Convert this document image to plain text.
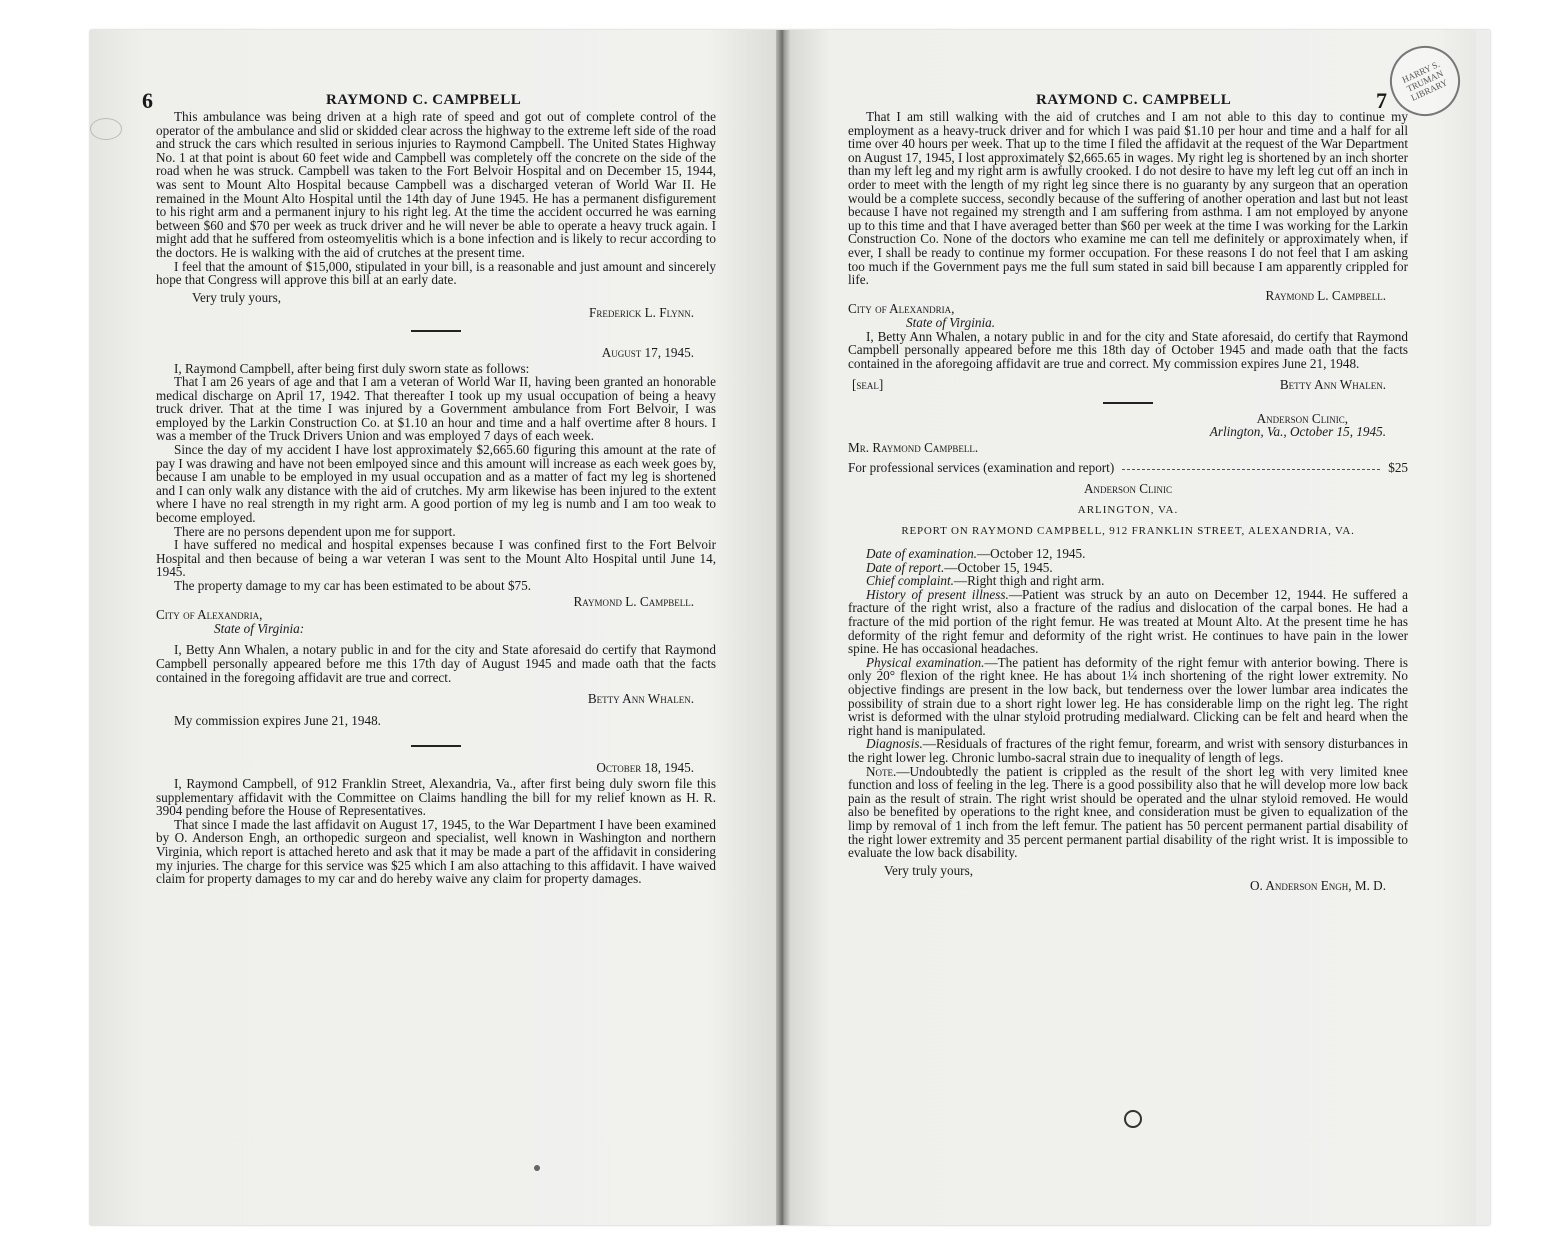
6	RAYMOND C. CAMPBELL

This ambulance was being driven at a high rate of speed and got out of complete control of the operator of the ambulance and slid or skidded clear across the highway to the extreme left side of the road and struck the cars which resulted in serious injuries to Raymond Campbell. The United States Highway No. 1 at that point is about 60 feet wide and Campbell was completely off the concrete on the side of the road when he was struck. Campbell was taken to the Fort Belvoir Hospital and on December 15, 1944, was sent to Mount Alto Hospital because Campbell was a discharged veteran of World War II. He remained in the Mount Alto Hospital until the 14th day of June 1945. He has a permanent disfigurement to his right arm and a permanent injury to his right leg. At the time the accident occurred he was earning between $60 and $70 per week as truck driver and he will never be able to operate a heavy truck again. I might add that he suffered from osteomyelitis which is a bone infection and is likely to recur according to the doctors. He is walking with the aid of crutches at the present time.

I feel that the amount of $15,000, stipulated in your bill, is a reasonable and just amount and sincerely hope that Congress will approve this bill at an early date.

Very truly yours,

Frederick L. Flynn.
August 17, 1945.

I, Raymond Campbell, after being first duly sworn state as follows:

That I am 26 years of age and that I am a veteran of World War II, having been granted an honorable medical discharge on April 17, 1942. That thereafter I took up my usual occupation of being a heavy truck driver. That at the time I was injured by a Government ambulance from Fort Belvoir, I was employed by the Larkin Construction Co. at $1.10 an hour and time and a half overtime after 8 hours. I was a member of the Truck Drivers Union and was employed 7 days of each week.

Since the day of my accident I have lost approximately $2,665.60 figuring this amount at the rate of pay I was drawing and have not been emlpoyed since and this amount will increase as each week goes by, because I am unable to be employed in my usual occupation and as a matter of fact my leg is shortened and I can only walk any distance with the aid of crutches. My arm likewise has been injured to the extent where I have no real strength in my right arm. A good portion of my leg is numb and I am too weak to become employed.

There are no persons dependent upon me for support.

I have suffered no medical and hospital expenses because I was confined first to the Fort Belvoir Hospital and then because of being a war veteran I was sent to the Mount Alto Hospital until June 14, 1945.

The property damage to my car has been estimated to be about $75.

Raymond L. Campbell.

City of Alexandria,

State of Virginia:

I, Betty Ann Whalen, a notary public in and for the city and State aforesaid do certify that Raymond Campbell personally appeared before me this 17th day of August 1945 and made oath that the facts contained in the foregoing affidavit are true and correct.

Betty Ann Whalen.

My commission expires June 21, 1948.

October 18, 1945.

I, Raymond Campbell, of 912 Franklin Street, Alexandria, Va., after first being duly sworn file this supplementary affidavit with the Committee on Claims handling the bill for my relief known as H. R. 3904 pending before the House of Representatives.

That since I made the last affidavit on August 17, 1945, to the War Department I have been examined by O. Anderson Engh, an orthopedic surgeon and specialist, well known in Washington and northern Virginia, which report is attached hereto and ask that it may be made a part of the affidavit in considering my injuries. The charge for this service was $25 which I am also attaching to this affidavit. I have waived claim for property damages to my car and do hereby waive any claim for property damages.

RAYMOND C. CAMPBELL	7

That I am still walking with the aid of crutches and I am not able to this day to continue my employment as a heavy-truck driver and for which I was paid $1.10 per hour and time and a half for all time over 40 hours per week. That up to the time I filed the affidavit at the request of the War Department on August 17, 1945, I lost approximately $2,665.65 in wages. My right leg is shortened by an inch shorter than my left leg and my right arm is awfully crooked. I do not desire to have my left leg cut off an inch in order to meet with the length of my right leg since there is no guaranty by any surgeon that an operation would be a complete success, secondly because of the suffering of another operation and last but not least because I have not regained my strength and I am suffering from asthma. I am not employed by anyone up to this time and that I have averaged better than $60 per week at the time I was working for the Larkin Construction Co. None of the doctors who examine me can tell me definitely or approximately when, if ever, I shall be ready to continue my former occupation. For these reasons I do not feel that I am asking too much if the Government pays me the full sum stated in said bill because I am apparently crippled for life.

Raymond L. Campbell.

City of Alexandria,

State of Virginia.

I, Betty Ann Whalen, a notary public in and for the city and State aforesaid, do certify that Raymond Campbell personally appeared before me this 18th day of October 1945 and made oath that the facts contained in the aforegoing affidavit are true and correct. My commission expires June 21, 1948.

[seal]	Betty Ann Whalen.
Anderson Clinic,
Arlington, Va., October 15, 1945.

Mr. Raymond Campbell.

For professional services (examination and report)	$25

Anderson Clinic

ARLINGTON, VA.

REPORT ON RAYMOND CAMPBELL, 912 FRANKLIN STREET, ALEXANDRIA, VA.

Date of examination.—October 12, 1945.

Date of report.—October 15, 1945.

Chief complaint.—Right thigh and right arm.

History of present illness.—Patient was struck by an auto on December 12, 1944. He suffered a fracture of the right wrist, also a fracture of the radius and dislocation of the carpal bones. He had a fracture of the mid portion of the right femur. He was treated at Mount Alto. At the present time he has deformity of the right femur and deformity of the right wrist. He continues to have pain in the lower spine. He has occasional headaches.

Physical examination.—The patient has deformity of the right femur with anterior bowing. There is only 20° flexion of the right knee. He has about 1¼ inch shortening of the right lower extremity. No objective findings are present in the low back, but tenderness over the lower lumbar area indicates the possibility of strain due to a short right lower leg. He has considerable limp on the right leg. The right wrist is deformed with the ulnar styloid protruding medialward. Clicking can be felt and heard when the right hand is manipulated.

Diagnosis.—Residuals of fractures of the right femur, forearm, and wrist with sensory disturbances in the right lower leg. Chronic lumbo-sacral strain due to inequality of length of legs.

Note.—Undoubtedly the patient is crippled as the result of the short leg with very limited knee function and loss of feeling in the leg. There is a good possibility also that he will develop more low back pain as the result of strain. The right wrist should be operated and the ulnar styloid removed. He would also be benefited by operations to the right knee, and consideration must be given to equalization of the limp by removal of 1 inch from the left femur. The patient has 50 percent permanent partial disability of the right lower extremity and 35 percent permanent partial disability of the right wrist. It is impossible to evaluate the low back disability.

Very truly yours,

O. Anderson Engh, M. D.
HARRY S. TRUMAN LIBRARY
